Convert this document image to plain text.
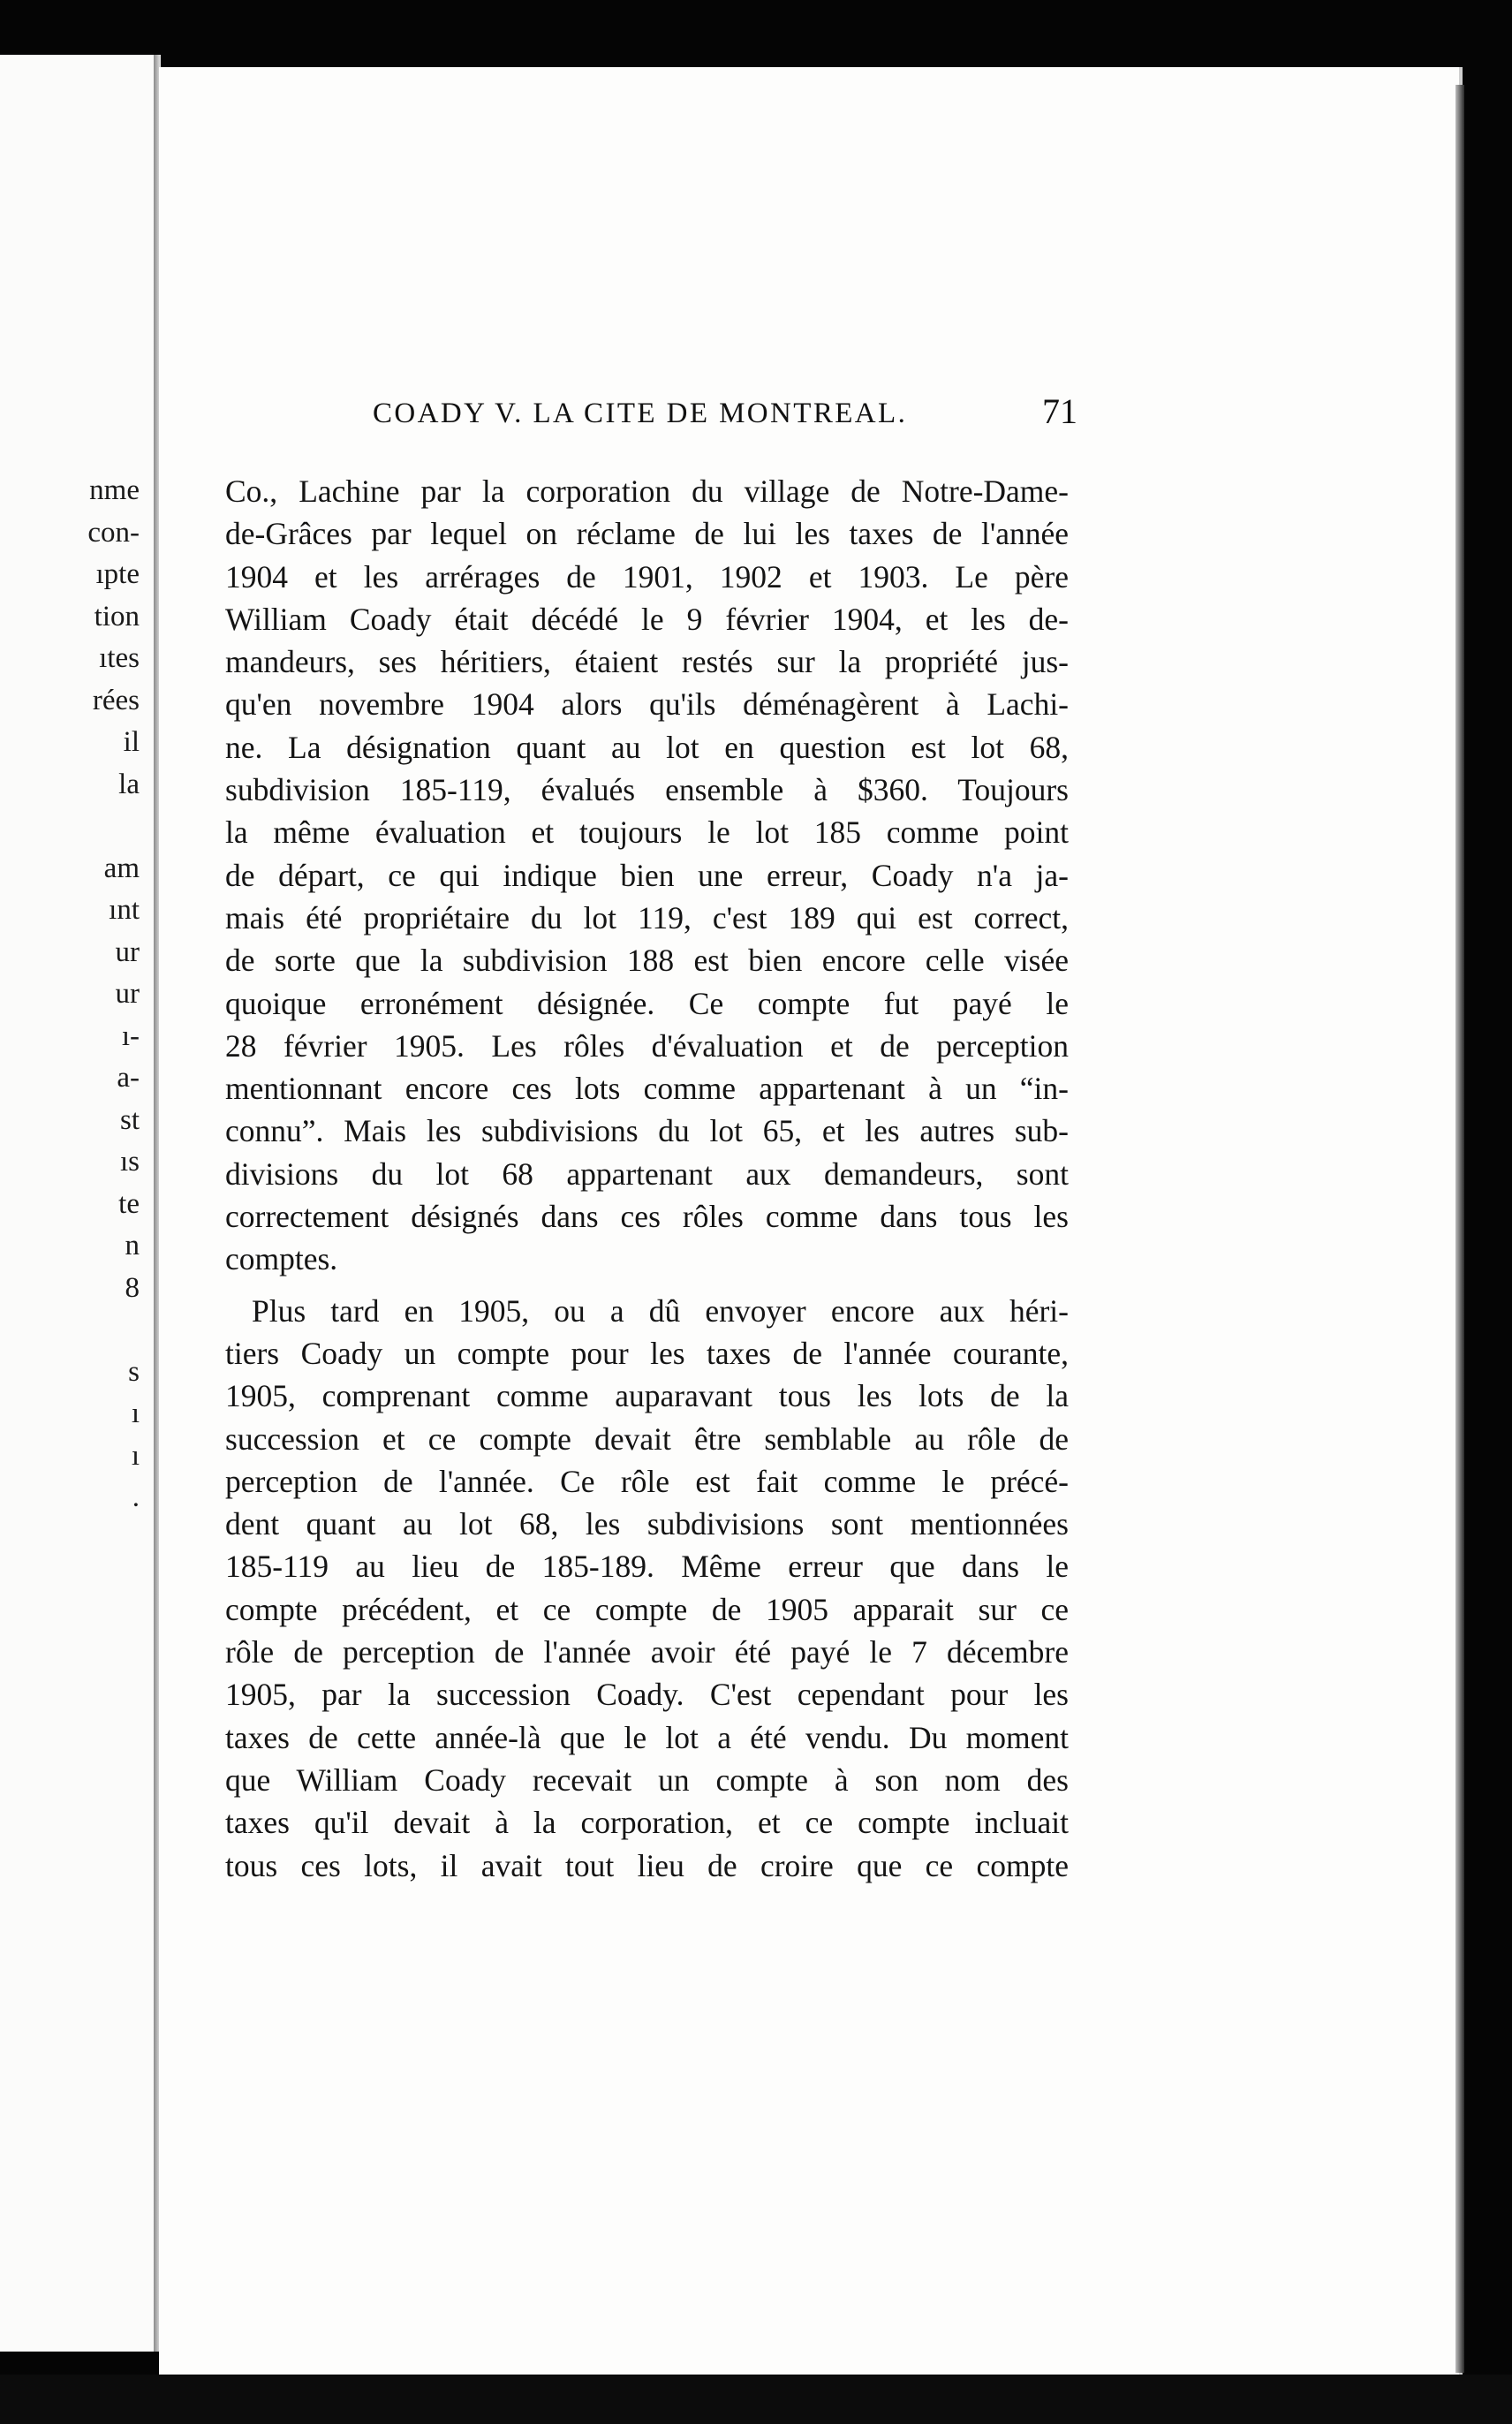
nme
con-
ıpte
tion
ıtes
rées
il
la
am
ınt
ur
ur
ı-
a-
st
ıs
te
n
8
s
ı
ı
.
COADY V. LA CITE DE MONTREAL.	71
Co., Lachine par la corporation du village de Notre-Dame-
de-Grâces par lequel on réclame de lui les taxes de l'année
1904 et les arrérages de 1901, 1902 et 1903. Le père
William Coady était décédé le 9 février 1904, et les de-
mandeurs, ses héritiers, étaient restés sur la propriété jus-
qu'en novembre 1904 alors qu'ils déménagèrent à Lachi-
ne. La désignation quant au lot en question est lot 68,
subdivision 185-119, évalués ensemble à $360. Toujours
la même évaluation et toujours le lot 185 comme point
de départ, ce qui indique bien une erreur, Coady n'a ja-
mais été propriétaire du lot 119, c'est 189 qui est correct,
de sorte que la subdivision 188 est bien encore celle visée
quoique erronément désignée. Ce compte fut payé le
28 février 1905. Les rôles d'évaluation et de perception
mentionnant encore ces lots comme appartenant à un “in-
connu”. Mais les subdivisions du lot 65, et les autres sub-
divisions du lot 68 appartenant aux demandeurs, sont
correctement désignés dans ces rôles comme dans tous les
comptes.
Plus tard en 1905, ou a dû envoyer encore aux héri-
tiers Coady un compte pour les taxes de l'année courante,
1905, comprenant comme auparavant tous les lots de la
succession et ce compte devait être semblable au rôle de
perception de l'année. Ce rôle est fait comme le précé-
dent quant au lot 68, les subdivisions sont mentionnées
185-119 au lieu de 185-189. Même erreur que dans le
compte précédent, et ce compte de 1905 apparait sur ce
rôle de perception de l'année avoir été payé le 7 décembre
1905, par la succession Coady. C'est cependant pour les
taxes de cette année-là que le lot a été vendu. Du moment
que William Coady recevait un compte à son nom des
taxes qu'il devait à la corporation, et ce compte incluait
tous ces lots, il avait tout lieu de croire que ce compte
